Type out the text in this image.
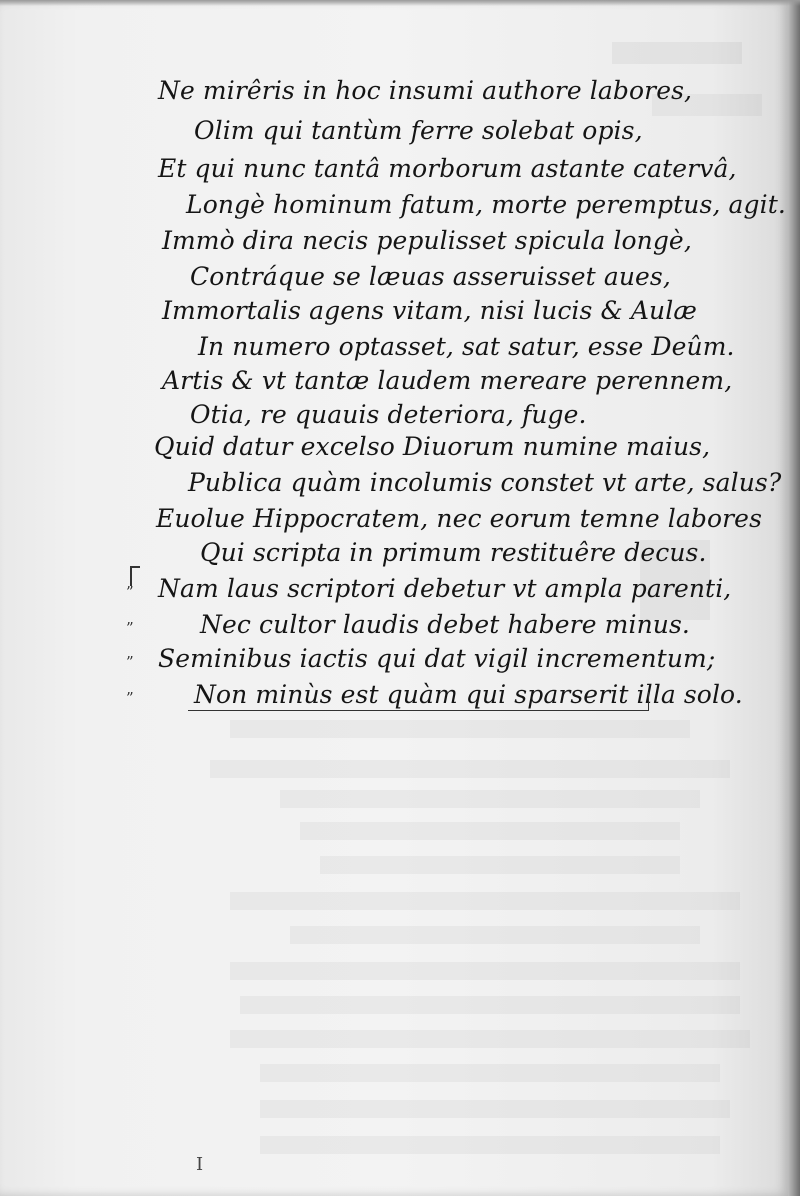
Ne mirêris in hoc insumi authore labores,
Olim qui tantùm ferre solebat opis,
Et qui nunc tantâ morborum astante catervâ,
Longè hominum fatum, morte peremptus, agit.
Immò dira necis pepulisset spicula longè,
Contráque se læuas asseruisset aues,
Immortalis agens vitam, nisi lucis & Aulæ
In numero optasset, sat satur, esse Deûm.
Artis & vt tantæ laudem mereare perennem,
Otia, re quauis deteriora, fuge.
Quid datur excelso Diuorum numine maius,
Publica quàm incolumis constet vt arte, salus?
Euolue Hippocratem, nec eorum temne labores
Qui scripta in primum restituêre decus.
Nam laus scriptori debetur vt ampla parenti,
Nec cultor laudis debet habere minus.
Seminibus iactis qui dat vigil incrementum;
Non minùs est quàm qui sparserit illa solo.
”
”
”
”
I
